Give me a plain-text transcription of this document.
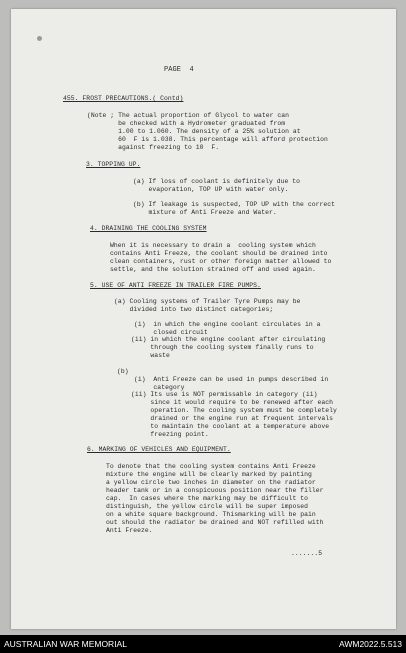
PAGE  4
455. FROST PRECAUTIONS.( Contd)
(Note ; The actual proportion of Glycol to water can
be checked with a Hydrometer graduated from
1.00 to 1.060. The density of a 25% solution at
60  F is 1.038. This percentage will afford protection
against freezing to 10  F.
3. TOPPING UP.
(a) If loss of coolant is definitely due to
evaporation, TOP UP with water only.
(b) If leakage is suspected, TOP UP with the correct
mixture of Anti Freeze and Water.
4. DRAINING THE COOLING SYSTEM
When it is necessary to drain a  cooling system which
contains Anti Freeze, the coolant should be drained into
clean containers, rust or other foreign matter allowed to
settle, and the solution strained off and used again.
5. USE OF ANTI FREEZE IN TRAILER FIRE PUMPS.
(a) Cooling systems of Trailer Tyre Pumps may be
divided into two distinct categories;
(i)  in which the engine coolant circulates in a
closed circuit
(ii) in which the engine coolant after circulating
through the cooling system finally runs to
waste
(b)
(i)  Anti Freeze can be used in pumps described in
category
(ii) Its use is NOT permissable in category (ii)
since it would require to be renewed after each
operation. The cooling system must be completely
drained or the engine run at frequent intervals
to maintain the coolant at a temperature above
freezing point.
6. MARKING OF VEHICLES AND EQUIPMENT.
To denote that the cooling system contains Anti Freeze
mixture the engine will be clearly marked by painting
a yellow circle two inches in diameter on the radiator
header tank or in a conspicuous position near the filler
cap.  In cases where the marking may be difficult to
distinguish, the yellow circle will be super imposed
on a white square background. Thismarking will be pain
out should the radiator be drained and NOT refilled with
Anti Freeze.
.......5
AUSTRALIAN WAR MEMORIAL	AWM2022.5.513
